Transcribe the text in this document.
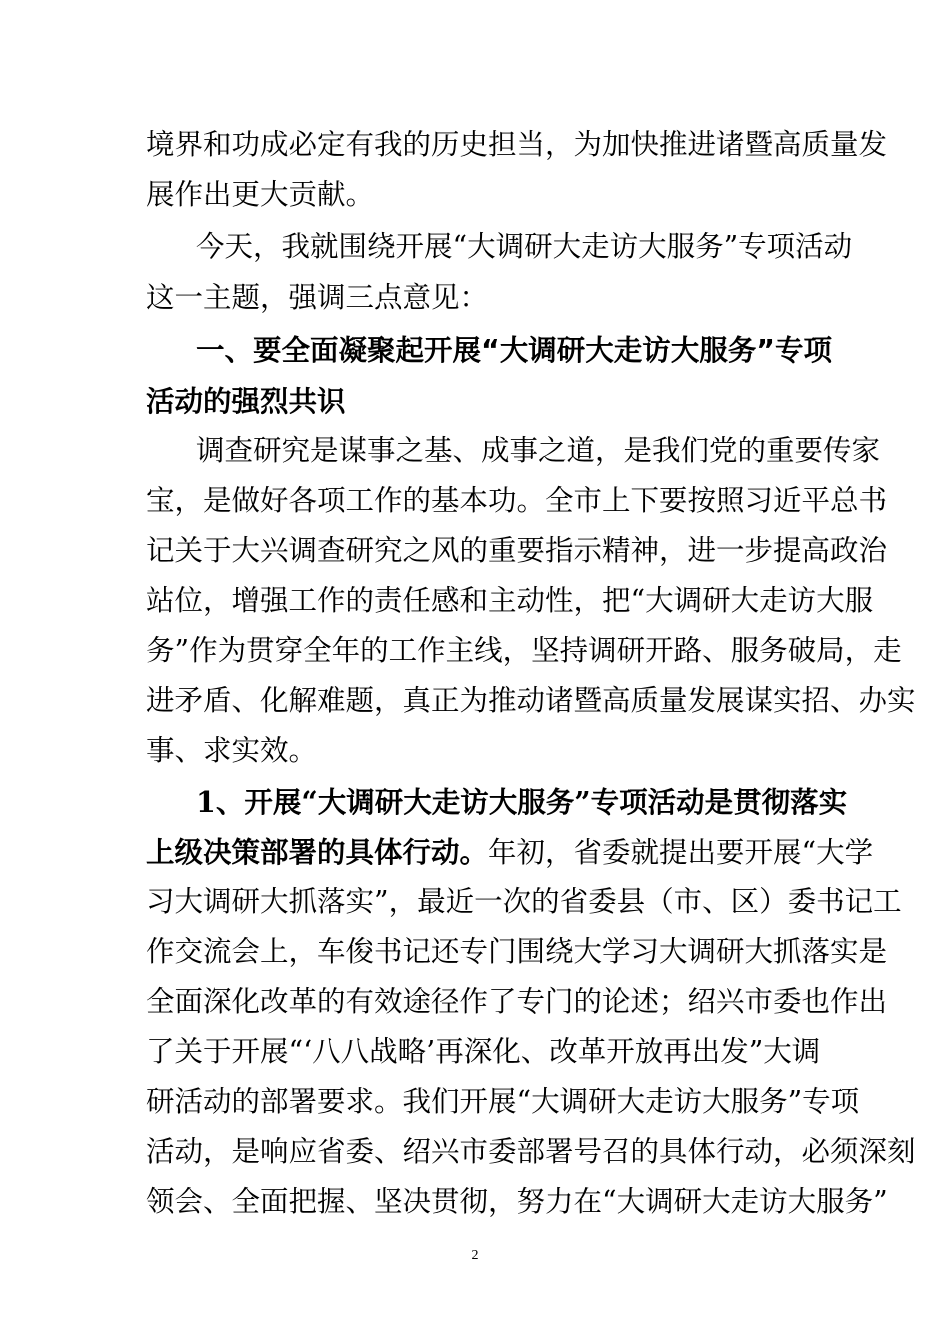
境界和功成必定有我的历史担当，为加快推进诸暨高质量发
展作出更大贡献。
今天，我就围绕开展“大调研大走访大服务”专项活动
这一主题，强调三点意见：
一、要全面凝聚起开展“大调研大走访大服务”专项
活动的强烈共识
调查研究是谋事之基、成事之道，是我们党的重要传家
宝，是做好各项工作的基本功。全市上下要按照习近平总书
记关于大兴调查研究之风的重要指示精神，进一步提高政治
站位，增强工作的责任感和主动性，把“大调研大走访大服
务”作为贯穿全年的工作主线，坚持调研开路、服务破局，走
进矛盾、化解难题，真正为推动诸暨高质量发展谋实招、办实
事、求实效。
1、开展“大调研大走访大服务”专项活动是贯彻落实
上级决策部署的具体行动。年初，省委就提出要开展“大学
习大调研大抓落实”，最近一次的省委县（市、区）委书记工
作交流会上，车俊书记还专门围绕大学习大调研大抓落实是
全面深化改革的有效途径作了专门的论述；绍兴市委也作出
了关于开展“‘八八战略’再深化、改革开放再出发”大调
研活动的部署要求。我们开展“大调研大走访大服务”专项
活动，是响应省委、绍兴市委部署号召的具体行动，必须深刻
领会、全面把握、坚决贯彻，努力在“大调研大走访大服务”
2
